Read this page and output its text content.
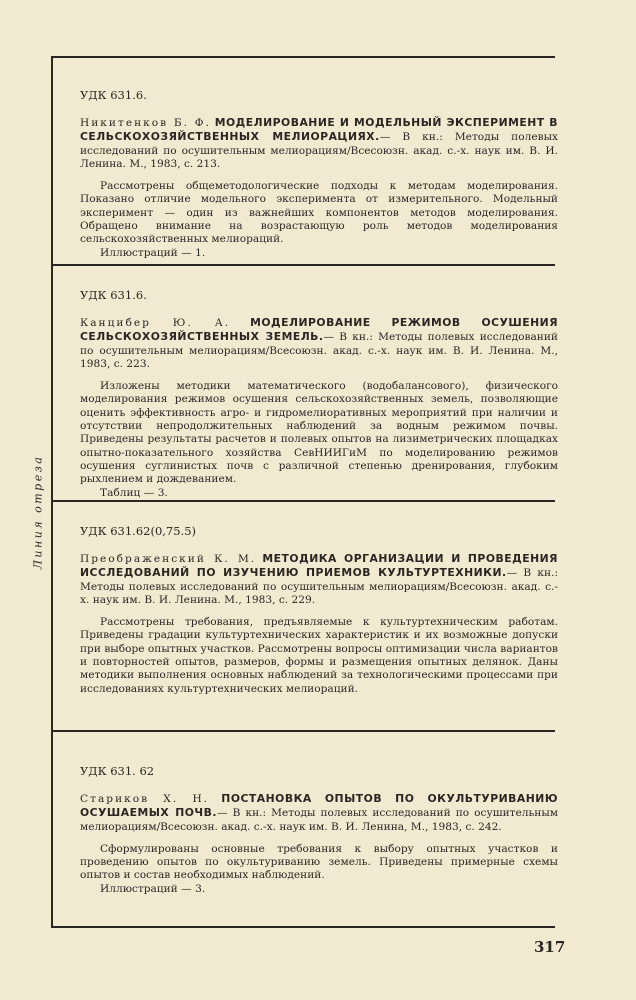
Линия отреза
УДК 631.6.

Никитенков Б. Ф. МОДЕЛИРОВАНИЕ И МОДЕЛЬНЫЙ ЭКСПЕРИМЕНТ В СЕЛЬСКОХОЗЯЙСТВЕННЫХ МЕЛИОРАЦИЯХ.— В кн.: Методы полевых исследований по осушительным мелиорациям/Всесоюзн. акад. с.-х. наук им. В. И. Ленина. М., 1983, с. 213.

Рассмотрены общеметодологические подходы к методам моделирования. Показано отличие модельного эксперимента от измерительного. Модельный эксперимент — один из важнейших компонентов методов моделирования. Обращено внимание на возрастающую роль методов моделирования сельскохозяйственных мелиораций.

Иллюстраций — 1.

УДК 631.6.

Канцибер Ю. А. МОДЕЛИРОВАНИЕ РЕЖИМОВ ОСУШЕНИЯ СЕЛЬСКОХОЗЯЙСТВЕННЫХ ЗЕМЕЛЬ.— В кн.: Методы полевых исследований по осушительным мелиорациям/Всесоюзн. акад. с.-х. наук им. В. И. Ленина. М., 1983, с. 223.

Изложены методики математического (водобалансового), физического моделирования режимов осушения сельскохозяйственных земель, позволяющие оценить эффективность агро- и гидромелиоративных мероприятий при наличии и отсутствии непродолжительных наблюдений за водным режимом почвы. Приведены результаты расчетов и полевых опытов на лизиметрических площадках опытно-показательного хозяйства СевНИИГиМ по моделированию режимов осушения суглинистых почв с различной степенью дренирования, глубоким рыхлением и дождеванием.

Таблиц — 3.

УДК 631.62(0,75.5)

Преображенский К. М. МЕТОДИКА ОРГАНИЗАЦИИ И ПРОВЕДЕНИЯ ИССЛЕДОВАНИЙ ПО ИЗУЧЕНИЮ ПРИЕМОВ КУЛЬТУРТЕХНИКИ.— В кн.: Методы полевых исследований по осушительным мелиорациям/Всесоюзн. акад. с.-х. наук им. В. И. Ленина. М., 1983, с. 229.

Рассмотрены требования, предъявляемые к культуртехническим работам. Приведены градации культуртехнических характеристик и их возможные допуски при выборе опытных участков. Рассмотрены вопросы оптимизации числа вариантов и повторностей опытов, размеров, формы и размещения опытных делянок. Даны методики выполнения основных наблюдений за технологическими процессами при исследованиях культуртехнических мелиораций.

УДК 631. 62

Стариков Х. Н. ПОСТАНОВКА ОПЫТОВ ПО ОКУЛЬТУРИВАНИЮ ОСУШАЕМЫХ ПОЧВ.— В кн.: Методы полевых исследований по осушительным мелиорациям/Всесоюзн. акад. с.-х. наук им. В. И. Ленина, М., 1983, с. 242.

Сформулированы основные требования к выбору опытных участков и проведению опытов по окультуриванию земель. Приведены примерные схемы опытов и состав необходимых наблюдений.

Иллюстраций — 3.

317
